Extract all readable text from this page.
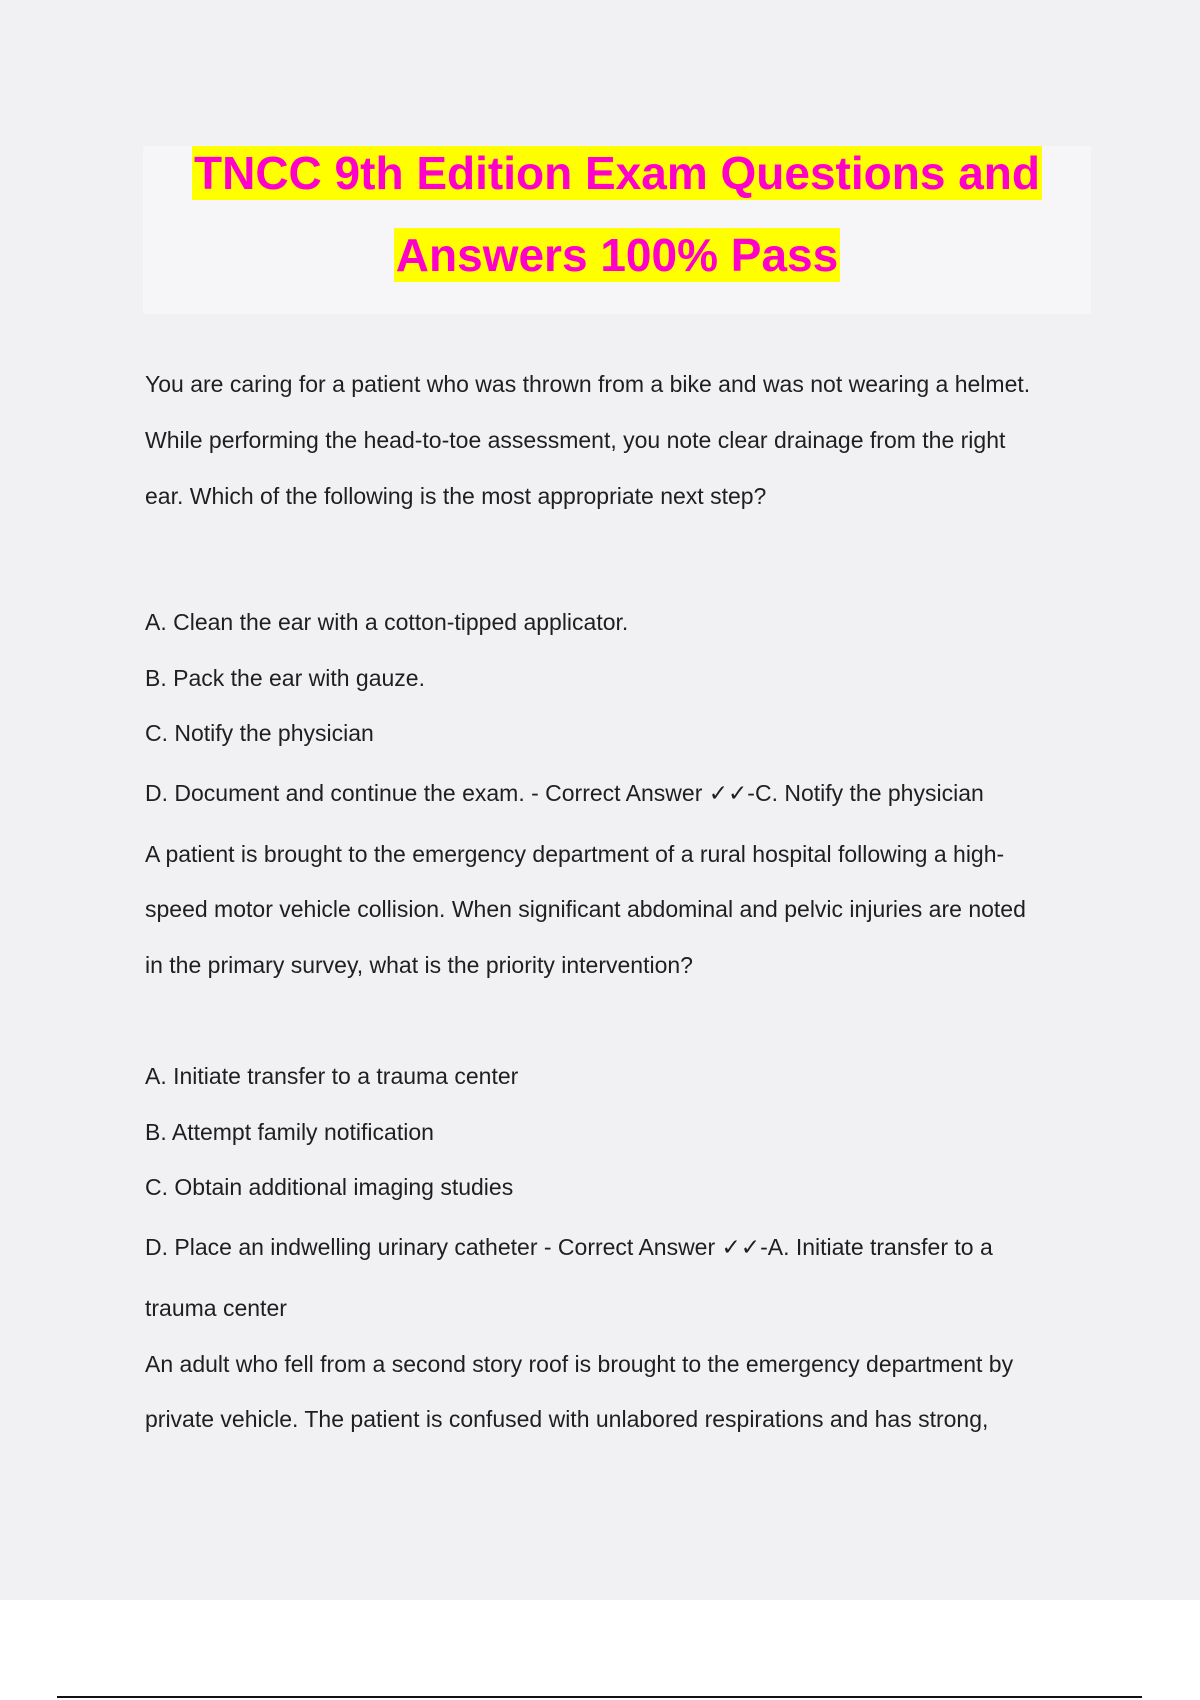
TNCC 9th Edition Exam Questions and
Answers 100% Pass
You are caring for a patient who was thrown from a bike and was not wearing a helmet.
While performing the head-to-toe assessment, you note clear drainage from the right
ear. Which of the following is the most appropriate next step?
A. Clean the ear with a cotton-tipped applicator.
B. Pack the ear with gauze.
C. Notify the physician
D. Document and continue the exam. - Correct Answer ✓✓-C. Notify the physician
A patient is brought to the emergency department of a rural hospital following a high-
speed motor vehicle collision. When significant abdominal and pelvic injuries are noted
in the primary survey, what is the priority intervention?
A. Initiate transfer to a trauma center
B. Attempt family notification
C. Obtain additional imaging studies
D. Place an indwelling urinary catheter - Correct Answer ✓✓-A. Initiate transfer to a
trauma center
An adult who fell from a second story roof is brought to the emergency department by
private vehicle. The patient is confused with unlabored respirations and has strong,
